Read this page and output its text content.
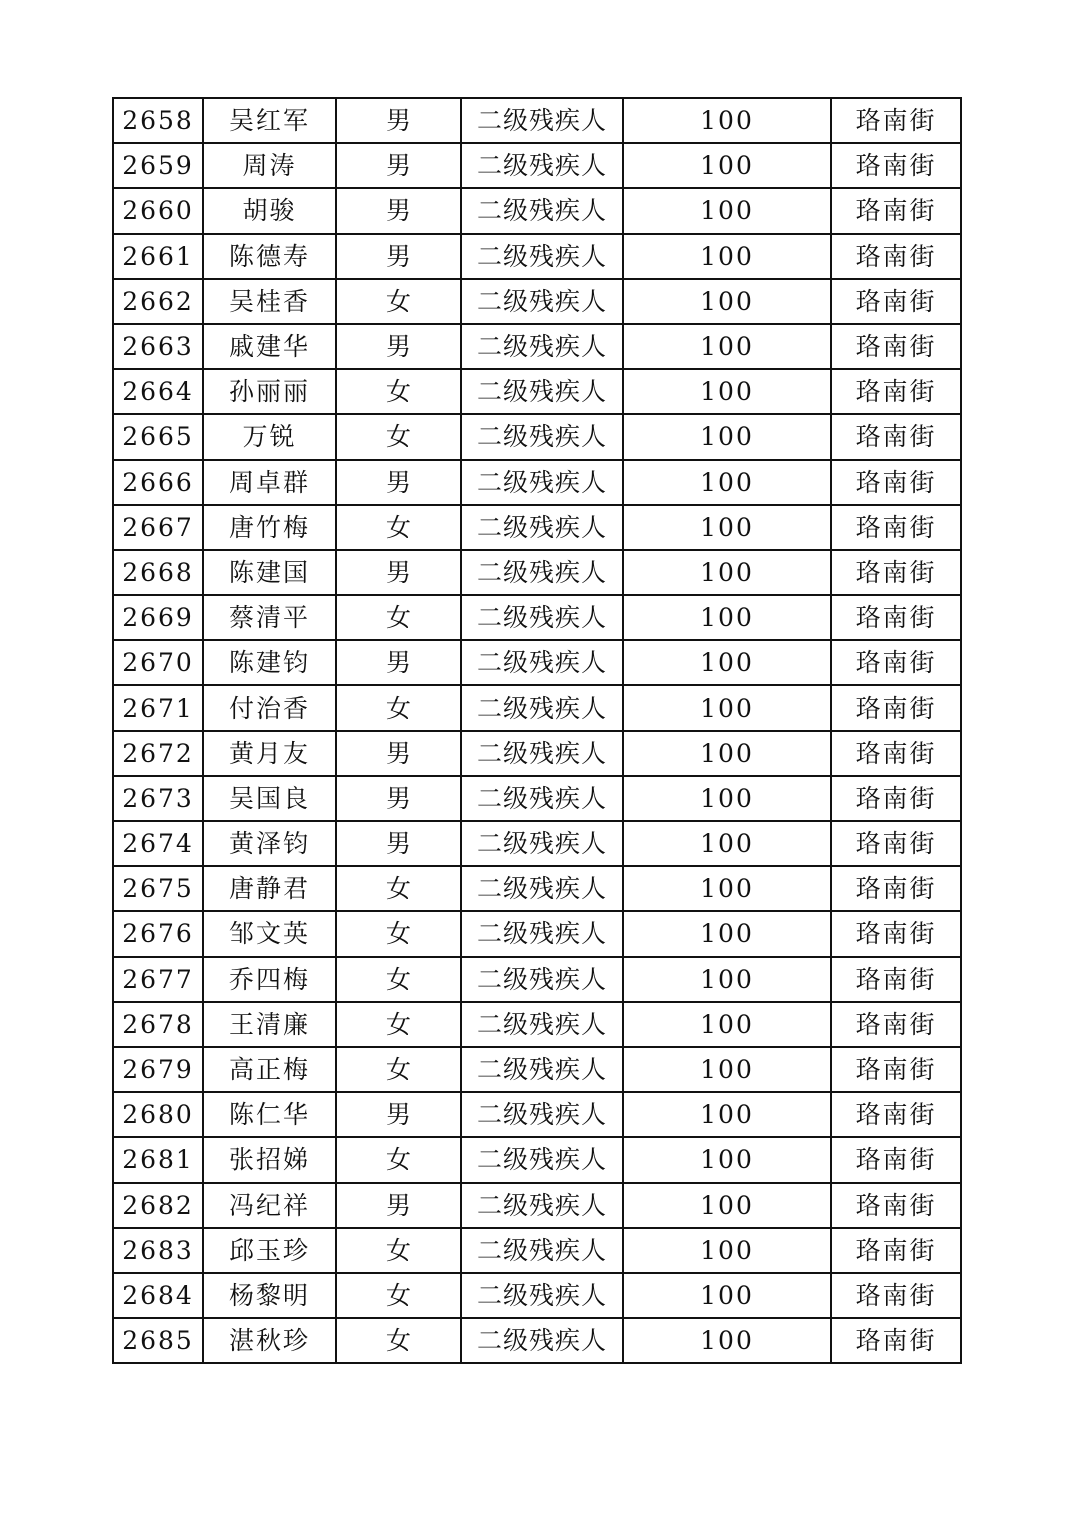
2658	吴红军	男	二级残疾人	100	珞南街
2659	周涛	男	二级残疾人	100	珞南街
2660	胡骏	男	二级残疾人	100	珞南街
2661	陈德寿	男	二级残疾人	100	珞南街
2662	吴桂香	女	二级残疾人	100	珞南街
2663	戚建华	男	二级残疾人	100	珞南街
2664	孙丽丽	女	二级残疾人	100	珞南街
2665	万锐	女	二级残疾人	100	珞南街
2666	周卓群	男	二级残疾人	100	珞南街
2667	唐竹梅	女	二级残疾人	100	珞南街
2668	陈建国	男	二级残疾人	100	珞南街
2669	蔡清平	女	二级残疾人	100	珞南街
2670	陈建钧	男	二级残疾人	100	珞南街
2671	付治香	女	二级残疾人	100	珞南街
2672	黄月友	男	二级残疾人	100	珞南街
2673	吴国良	男	二级残疾人	100	珞南街
2674	黄泽钧	男	二级残疾人	100	珞南街
2675	唐静君	女	二级残疾人	100	珞南街
2676	邹文英	女	二级残疾人	100	珞南街
2677	乔四梅	女	二级残疾人	100	珞南街
2678	王清廉	女	二级残疾人	100	珞南街
2679	高正梅	女	二级残疾人	100	珞南街
2680	陈仁华	男	二级残疾人	100	珞南街
2681	张招娣	女	二级残疾人	100	珞南街
2682	冯纪祥	男	二级残疾人	100	珞南街
2683	邱玉珍	女	二级残疾人	100	珞南街
2684	杨黎明	女	二级残疾人	100	珞南街
2685	湛秋珍	女	二级残疾人	100	珞南街
